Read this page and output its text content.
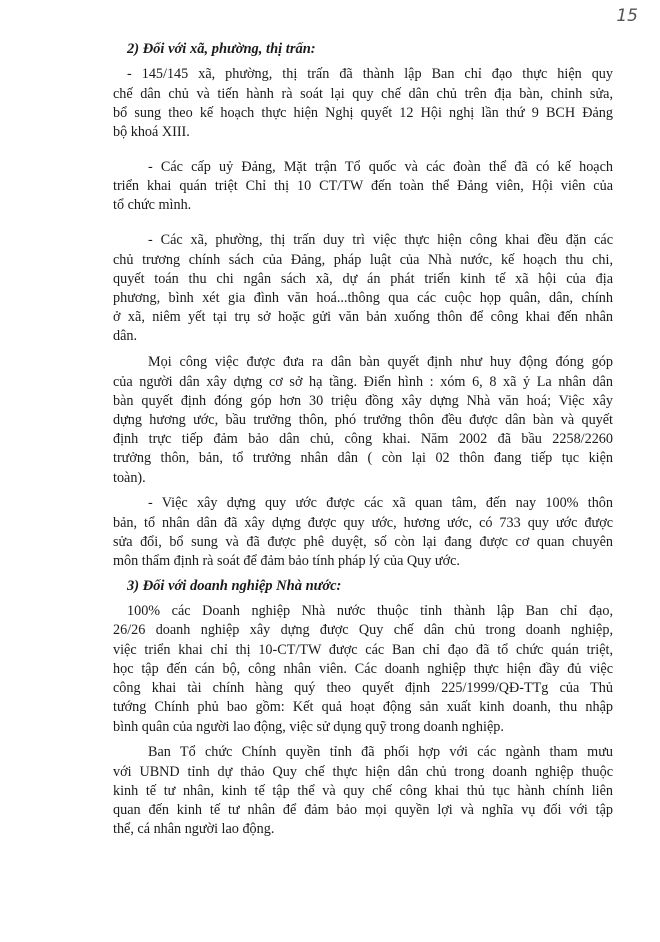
15
2) Đối với xã, phường, thị trấn:
- 145/145 xã, phường, thị trấn đã thành lập Ban chỉ đạo thực hiện quy
chế dân chủ và tiến hành rà soát lại quy chế dân chủ trên địa bàn, chỉnh sửa,
bổ sung theo kế hoạch thực hiện Nghị quyết 12 Hội nghị lần thứ 9 BCH Đảng
bộ khoá XIII.
- Các cấp uỷ Đảng, Mặt trận Tổ quốc và các đoàn thể đã có kế hoạch
triển khai quán triệt Chỉ thị 10 CT/TW đến toàn thể Đảng viên, Hội viên của
tổ chức mình.
- Các xã, phường, thị trấn duy trì việc thực hiện công khai đều đặn các
chủ trương chính sách của Đảng, pháp luật của Nhà nước, kế hoạch thu chi,
quyết toán thu chi ngân sách xã, dự án phát triển kinh tế xã hội của địa
phương, bình xét gia đình văn hoá...thông qua các cuộc họp quân, dân, chính
ở xã, niêm yết tại trụ sở hoặc gửi văn bản xuống thôn để công khai đến nhân
dân.
Mọi công việc được đưa ra dân bàn quyết định như huy động đóng góp
của người dân xây dựng cơ sở hạ tầng. Điển hình : xóm 6, 8 xã ỷ La nhân dân
bàn quyết định đóng góp hơn 30 triệu đồng xây dựng Nhà văn hoá; Việc xây
dựng hương ước, bầu trưởng thôn, phó trưởng thôn đều được dân bàn và quyết
định trực tiếp đảm bảo dân chủ, công khai. Năm 2002 đã bầu 2258/2260
trưởng thôn, bản, tổ trưởng nhân dân ( còn lại 02 thôn đang tiếp tục kiện
toàn).
- Việc xây dựng quy ước được các xã quan tâm, đến nay 100% thôn
bản, tổ nhân dân đã xây dựng được quy ước, hương ước, có 733 quy ước được
sửa đổi, bổ sung và đã được phê duyệt, số còn lại đang được cơ quan chuyên
môn thẩm định rà soát để đảm bảo tính pháp lý của Quy ước.
3) Đối với doanh nghiệp Nhà nước:
100% các Doanh nghiệp Nhà nước thuộc tỉnh thành lập Ban chỉ đạo,
26/26 doanh nghiệp xây dựng được Quy chế dân chủ trong doanh nghiệp,
việc triển khai chỉ thị 10-CT/TW được các Ban chỉ đạo đã tổ chức quán triệt,
học tập đến cán bộ, công nhân viên. Các doanh nghiệp thực hiện đầy đủ việc
công khai tài chính hàng quý theo quyết định 225/1999/QĐ-TTg của Thủ
tướng Chính phủ bao gồm: Kết quả hoạt động sản xuất kinh doanh, thu nhập
bình quân của người lao động, việc sử dụng quỹ trong doanh nghiệp.
Ban Tổ chức Chính quyền tỉnh đã phối hợp với các ngành tham mưu
với UBND tỉnh dự thảo Quy chế thực hiện dân chủ trong doanh nghiệp thuộc
kinh tế tư nhân, kinh tế tập thể và quy chế công khai thủ tục hành chính liên
quan đến kinh tế tư nhân để đảm bảo mọi quyền lợi và nghĩa vụ đối với tập
thể, cá nhân người lao động.
